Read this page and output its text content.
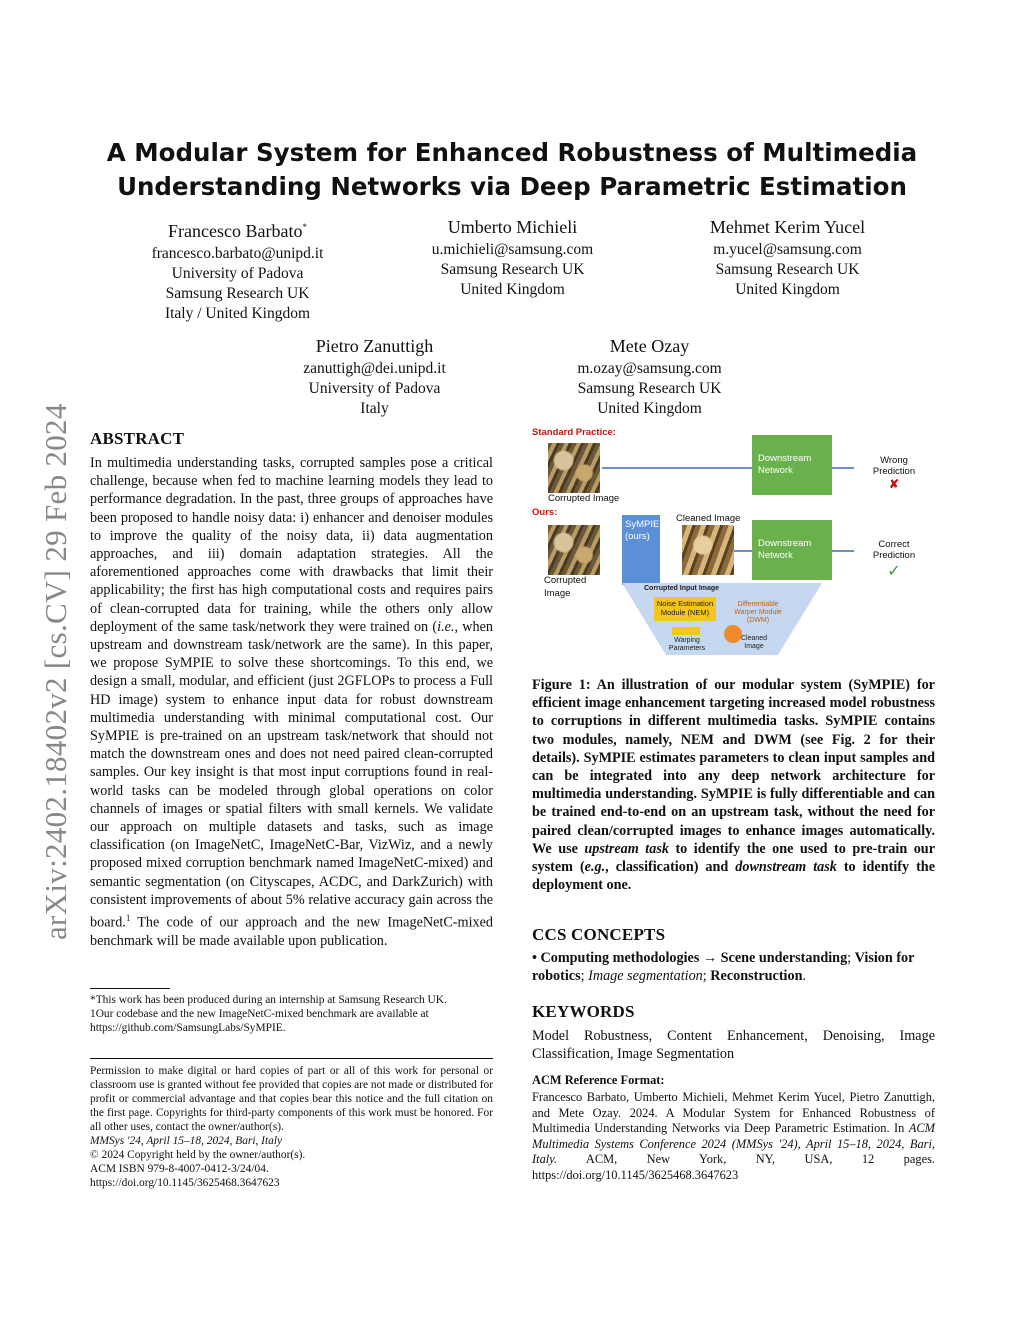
arXiv:2402.18402v2 [cs.CV] 29 Feb 2024
A Modular System for Enhanced Robustness of Multimedia
Understanding Networks via Deep Parametric Estimation
Francesco Barbato*
francesco.barbato@unipd.it
University of Padova
Samsung Research UK
Italy / United Kingdom
Umberto Michieli
u.michieli@samsung.com
Samsung Research UK
United Kingdom
Mehmet Kerim Yucel
m.yucel@samsung.com
Samsung Research UK
United Kingdom
Pietro Zanuttigh
zanuttigh@dei.unipd.it
University of Padova
Italy
Mete Ozay
m.ozay@samsung.com
Samsung Research UK
United Kingdom
ABSTRACT
In multimedia understanding tasks, corrupted samples pose a critical challenge, because when fed to machine learning models they lead to performance degradation. In the past, three groups of approaches have been proposed to handle noisy data: i) enhancer and denoiser modules to improve the quality of the noisy data, ii) data augmentation approaches, and iii) domain adaptation strategies. All the aforementioned approaches come with drawbacks that limit their applicability; the first has high computational costs and requires pairs of clean-corrupted data for training, while the others only allow deployment of the same task/network they were trained on (i.e., when upstream and downstream task/network are the same). In this paper, we propose SyMPIE to solve these shortcomings. To this end, we design a small, modular, and efficient (just 2GFLOPs to process a Full HD image) system to enhance input data for robust downstream multimedia understanding with minimal computational cost. Our SyMPIE is pre-trained on an upstream task/network that should not match the downstream ones and does not need paired clean-corrupted samples. Our key insight is that most input corruptions found in real-world tasks can be modeled through global operations on color channels of images or spatial filters with small kernels. We validate our approach on multiple datasets and tasks, such as image classification (on ImageNetC, ImageNetC-Bar, VizWiz, and a newly proposed mixed corruption benchmark named ImageNetC-mixed) and semantic segmentation (on Cityscapes, ACDC, and DarkZurich) with consistent improvements of about 5% relative accuracy gain across the board.$^1$ The code of our approach and the new ImageNetC-mixed benchmark will be made available upon publication.

*This work has been produced during an internship at Samsung Research UK.

1Our codebase and the new ImageNetC-mixed benchmark are available at

https://github.com/SamsungLabs/SyMPIE.

Permission to make digital or hard copies of part or all of this work for personal or classroom use is granted without fee provided that copies are not made or distributed for profit or commercial advantage and that copies bear this notice and the full citation on the first page. Copyrights for third-party components of this work must be honored. For all other uses, contact the owner/author(s).

MMSys '24, April 15–18, 2024, Bari, Italy

© 2024 Copyright held by the owner/author(s).

ACM ISBN 979-8-4007-0412-3/24/04.

https://doi.org/10.1145/3625468.3647623

Standard Practice:
Corrupted Image
Downstream
Network
Wrong
Prediction
✘
Ours:
Corrupted
Image
SyMPIE
(ours)
Cleaned Image
Downstream
Network
Correct
Prediction
✓
Corrupted Input Image
Noise Estimation
Module (NEM)
Warping
Parameters
Differentiable
Warper Module
(DWM)
Cleaned
Image
Figure 1: An illustration of our modular system (SyMPIE) for efficient image enhancement targeting increased model robustness to corruptions in different multimedia tasks. SyMPIE contains two modules, namely, NEM and DWM (see Fig. 2 for their details). SyMPIE estimates parameters to clean input samples and can be integrated into any deep network architecture for multimedia understanding. SyMPIE is fully differentiable and can be trained end-to-end on an upstream task, without the need for paired clean/corrupted images to enhance images automatically. We use upstream task to identify the one used to pre-train our system (e.g., classification) and downstream task to identify the deployment one.
CCS CONCEPTS
• Computing methodologies → Scene understanding; Vision for robotics; Image segmentation; Reconstruction.
KEYWORDS
Model Robustness, Content Enhancement, Denoising, Image Classification, Image Segmentation
ACM Reference Format:
Francesco Barbato, Umberto Michieli, Mehmet Kerim Yucel, Pietro Zanuttigh, and Mete Ozay. 2024. A Modular System for Enhanced Robustness of Multimedia Understanding Networks via Deep Parametric Estimation. In ACM Multimedia Systems Conference 2024 (MMSys '24), April 15–18, 2024, Bari, Italy. ACM, New York, NY, USA, 12 pages. https://doi.org/10.1145/3625468.3647623
